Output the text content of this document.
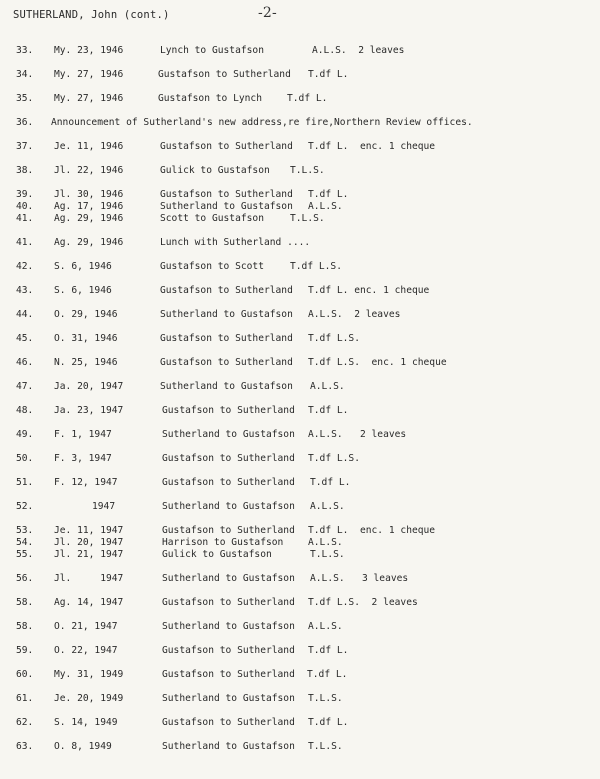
SUTHERLAND, John (cont.)	-2-
33.	My. 23, 1946	Lynch to Gustafson	A.L.S.  2 leaves
34.	My. 27, 1946	Gustafson to Sutherland T.df L.
35.	My. 27, 1946	Gustafson to Lynch	T.df L.
36.	Announcement of Sutherland's new address,re fire,Northern Review offices.
37.	Je. 11, 1946	Gustafson to Sutherland T.df L.  enc. 1 cheque
38.	Jl. 22, 1946	Gulick to Gustafson T.L.S.
39.	Jl. 30, 1946	Gustafson to Sutherland T.df L.
40.	Ag. 17, 1946	Sutherland to Gustafson A.L.S.
41.	Ag. 29, 1946	Scott to Gustafson	T.L.S.
41.	Ag. 29, 1946	Lunch with Sutherland ....
42.	S. 6, 1946	Gustafson to Scott	T.df L.S.
43.	S. 6, 1946	Gustafson to Sutherland T.df L. enc. 1 cheque
44.	O. 29, 1946	Sutherland to Gustafson A.L.S.  2 leaves
45.	O. 31, 1946	Gustafson to Sutherland T.df L.S.
46.	N. 25, 1946	Gustafson to Sutherland T.df L.S.  enc. 1 cheque
47.	Ja. 20, 1947	Sutherland to Gustafson A.L.S.
48.	Ja. 23, 1947	Gustafson to Sutherland T.df L.
49.	F. 1, 1947	Sutherland to Gustafson A.L.S.   2 leaves
50.	F. 3, 1947	Gustafson to Sutherland T.df L.S.
51.	F. 12, 1947	Gustafson to Sutherland T.df L.
52.	1947	Sutherland to Gustafson A.L.S.
53.	Je. 11, 1947	Gustafson to Sutherland T.df L.  enc. 1 cheque
54.	Jl. 20, 1947	Harrison to Gustafson	A.L.S.
55.	Jl. 21, 1947	Gulick to Gustafson	T.L.S.
56.	Jl.     1947	Sutherland to Gustafson A.L.S.   3 leaves
58.	Ag. 14, 1947	Gustafson to Sutherland T.df L.S.  2 leaves
58.	O. 21, 1947	Sutherland to Gustafson A.L.S.
59.	O. 22, 1947	Gustafson to Sutherland T.df L.
60.	My. 31, 1949	Gustafson to Sutherland T.df L.
61.	Je. 20, 1949	Sutherland to Gustafson T.L.S.
62.	S. 14, 1949	Gustafson to Sutherland T.df L.
63.	O. 8, 1949	Sutherland to Gustafson T.L.S.
